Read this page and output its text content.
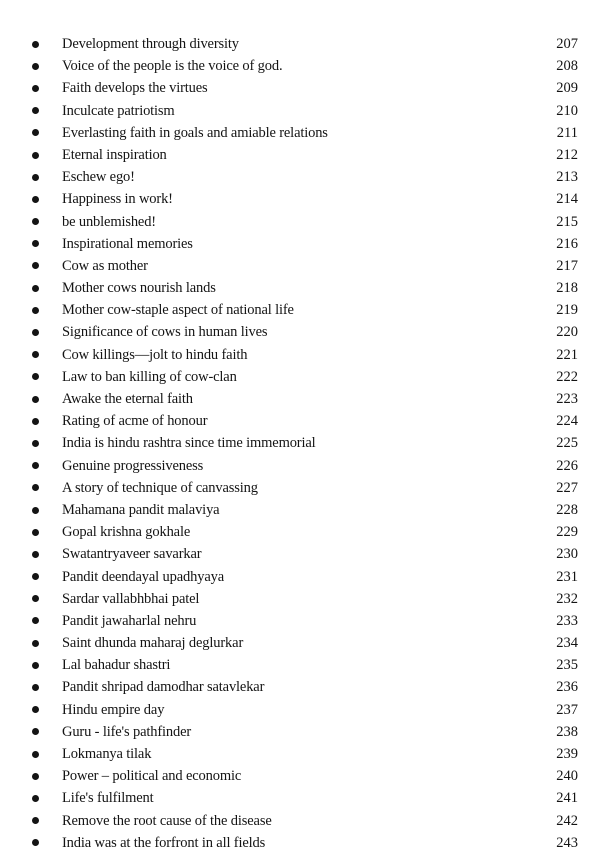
Development through diversity	207
Voice of the people is the voice of god.	208
Faith develops the virtues	209
Inculcate patriotism	210
Everlasting faith in goals and amiable relations	211
Eternal inspiration	212
Eschew ego!	213
Happiness in work!	214
be unblemished!	215
Inspirational memories	216
Cow as mother	217
Mother cows nourish lands	218
Mother cow-staple aspect of national life	219
Significance of cows in human lives	220
Cow killings—jolt to hindu faith	221
Law to ban killing of cow-clan	222
Awake the eternal faith	223
Rating of acme of honour	224
India is hindu rashtra since time immemorial	225
Genuine progressiveness	226
A story of technique of canvassing	227
Mahamana pandit malaviya	228
Gopal krishna gokhale	229
Swatantryaveer savarkar	230
Pandit deendayal upadhyaya	231
Sardar vallabhbhai patel	232
Pandit jawaharlal nehru	233
Saint dhunda maharaj deglurkar	234
Lal bahadur shastri	235
Pandit shripad damodhar satavlekar	236
Hindu empire day	237
Guru - life's pathfinder	238
Lokmanya tilak	239
Power – political and economic	240
Life's fulfilment	241
Remove the root cause of the disease	242
India was at the forfront in all fields	243
